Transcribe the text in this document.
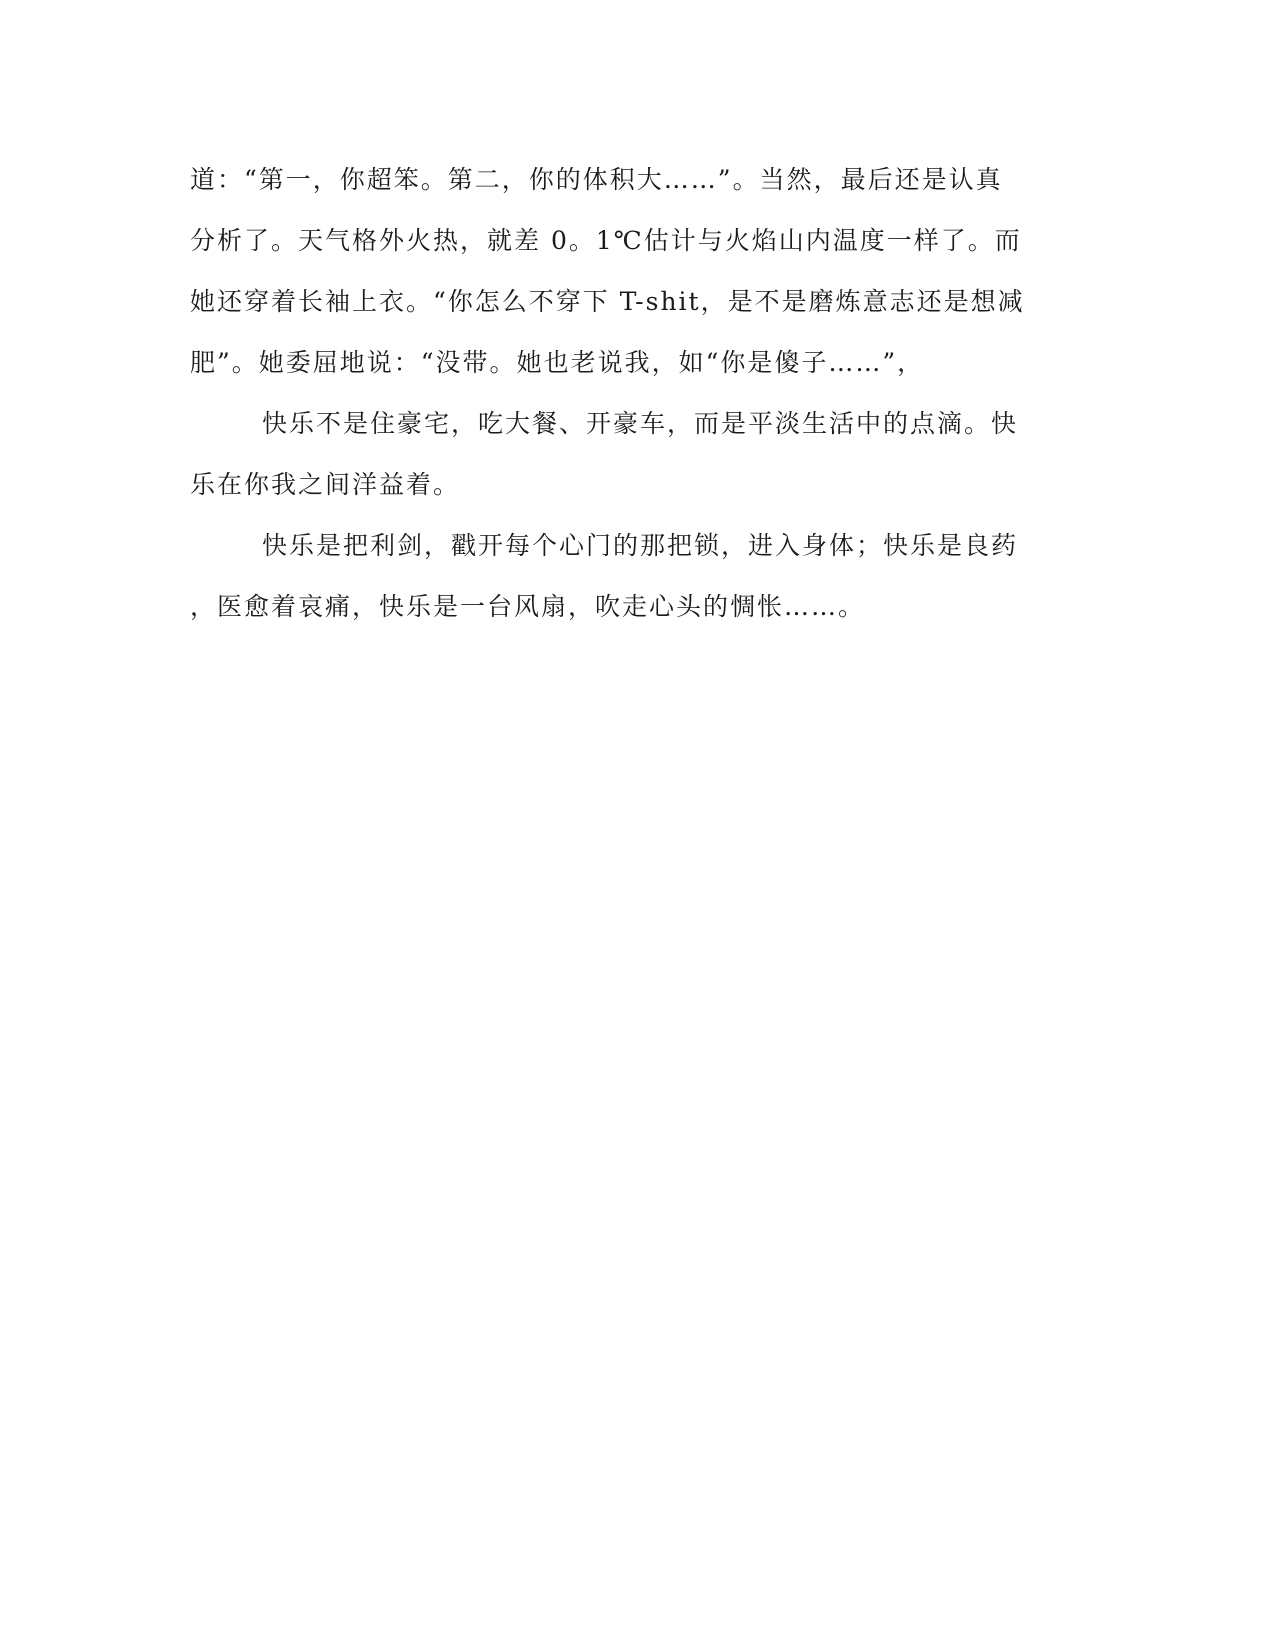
道：“第一，你超笨。第二，你的体积大……”。当然，最后还是认真
分析了。天气格外火热，就差 0。1℃估计与火焰山内温度一样了。而
她还穿着长袖上衣。“你怎么不穿下 T-shit，是不是磨炼意志还是想减
肥”。她委屈地说：“没带。她也老说我，如“你是傻子……”，
快乐不是住豪宅，吃大餐、开豪车，而是平淡生活中的点滴。快
乐在你我之间洋益着。
快乐是把利剑，戳开每个心门的那把锁，进入身体；快乐是良药
，医愈着哀痛，快乐是一台风扇，吹走心头的惆怅……。
